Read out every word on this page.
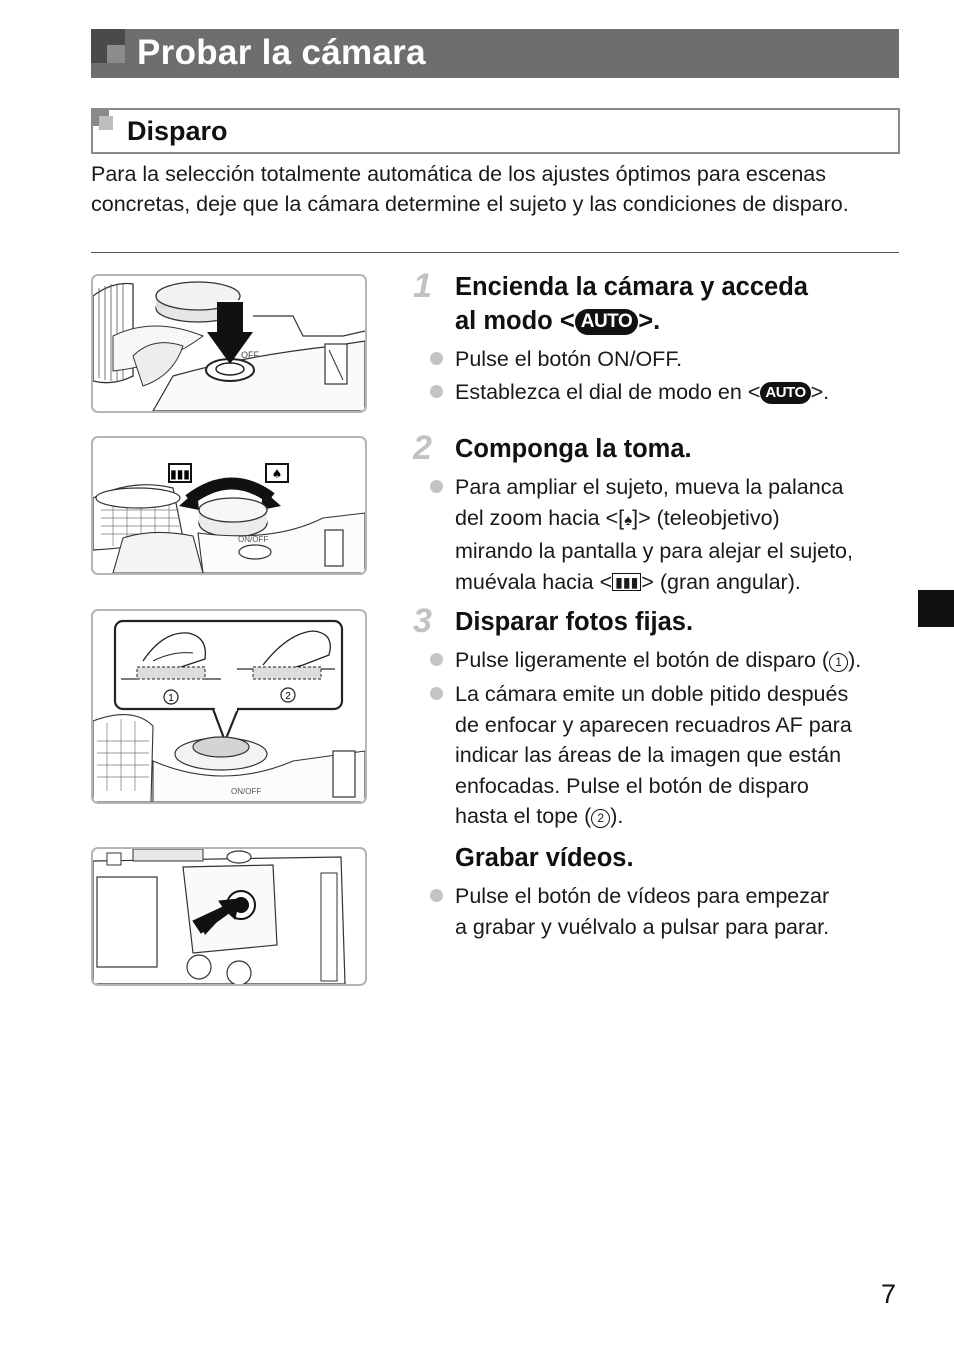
Probar la cámara
Disparo
Para la selección totalmente automática de los ajustes óptimos para escenas concretas, deje que la cámara determine el sujeto y las condiciones de disparo.
OFF
▮▮▮	♠
ON/OFF
1	2
ON/OFF
1 Encienda la cámara y acceda
al modo < AUTO >.
Pulse el botón ON/OFF.
Establezca el dial de modo en < AUTO >.
2 Componga la toma.
Para ampliar el sujeto, mueva la palanca
del zoom hacia <[♠]> (teleobjetivo)
mirando la pantalla y para alejar el sujeto,
muévala hacia < ▮▮▮ > (gran angular).
3 Disparar fotos fijas.
Pulse ligeramente el botón de disparo ( 1 ).
La cámara emite un doble pitido después
de enfocar y aparecen recuadros AF para
indicar las áreas de la imagen que están
enfocadas. Pulse el botón de disparo
hasta el tope ( 2 ).
Grabar vídeos.
Pulse el botón de vídeos para empezar
a grabar y vuélvalo a pulsar para parar.
7
